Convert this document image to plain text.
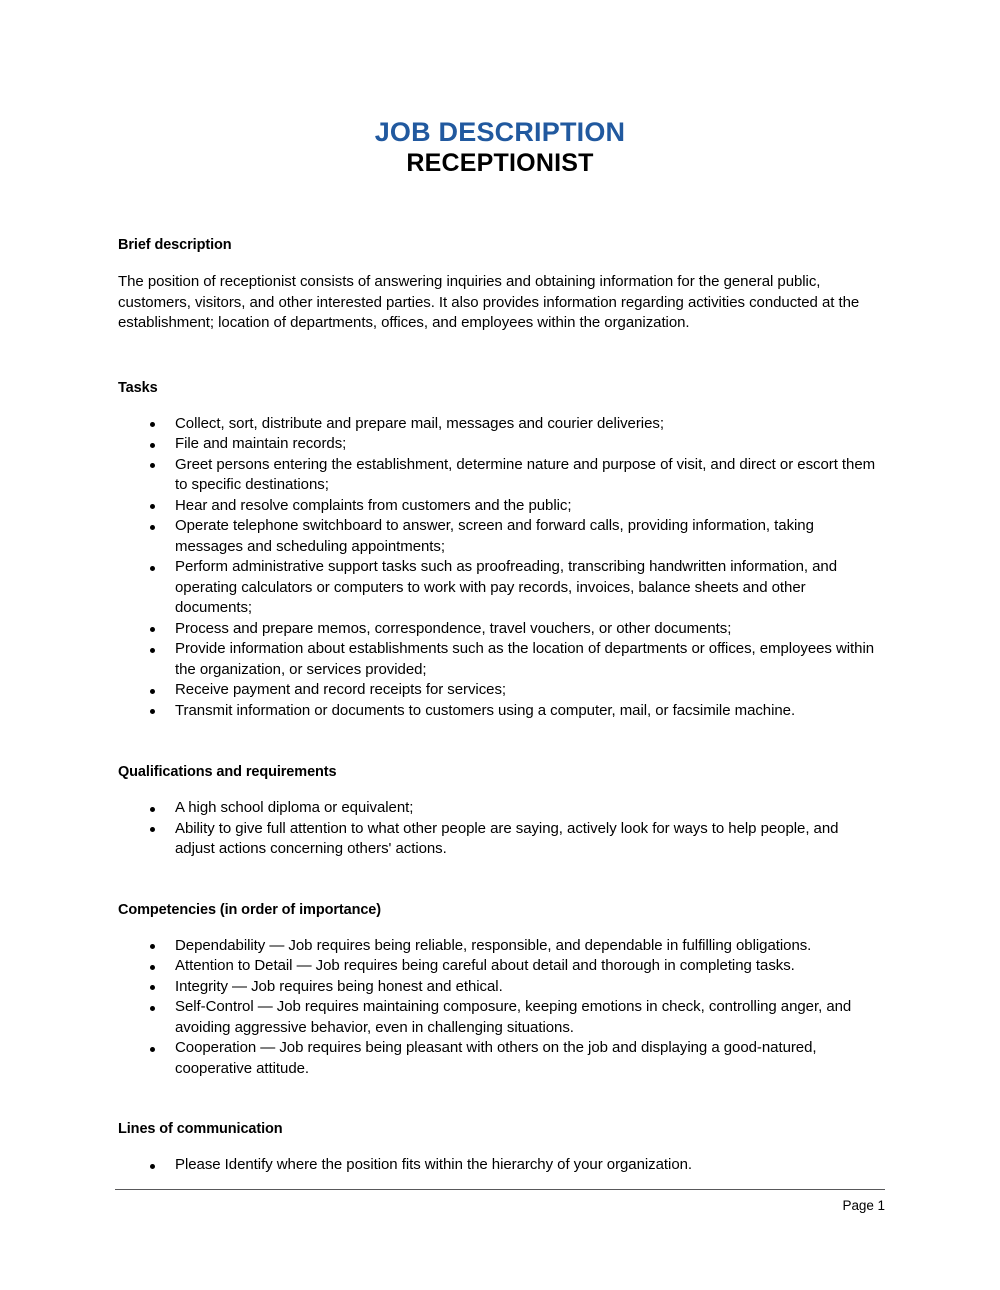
JOB DESCRIPTION
RECEPTIONIST
Brief description

The position of receptionist consists of answering inquiries and obtaining information for the general public, customers, visitors, and other interested parties. It also provides information regarding activities conducted at the establishment; location of departments, offices, and employees within the organization.

Tasks
Collect, sort, distribute and prepare mail, messages and courier deliveries;
File and maintain records;
Greet persons entering the establishment, determine nature and purpose of visit, and direct or escort them to specific destinations;
Hear and resolve complaints from customers and the public;
Operate telephone switchboard to answer, screen and forward calls, providing information, taking messages and scheduling appointments;
Perform administrative support tasks such as proofreading, transcribing handwritten information, and operating calculators or computers to work with pay records, invoices, balance sheets and other documents;
Process and prepare memos, correspondence, travel vouchers, or other documents;
Provide information about establishments such as the location of departments or offices, employees within the organization, or services provided;
Receive payment and record receipts for services;
Transmit information or documents to customers using a computer, mail, or facsimile machine.
Qualifications and requirements
A high school diploma or equivalent;
Ability to give full attention to what other people are saying, actively look for ways to help people, and adjust actions concerning others' actions.
Competencies (in order of importance)
Dependability — Job requires being reliable, responsible, and dependable in fulfilling obligations.
Attention to Detail — Job requires being careful about detail and thorough in completing tasks.
Integrity — Job requires being honest and ethical.
Self-Control — Job requires maintaining composure, keeping emotions in check, controlling anger, and avoiding aggressive behavior, even in challenging situations.
Cooperation — Job requires being pleasant with others on the job and displaying a good-natured, cooperative attitude.
Lines of communication
Please Identify where the position fits within the hierarchy of your organization.
Page 1
